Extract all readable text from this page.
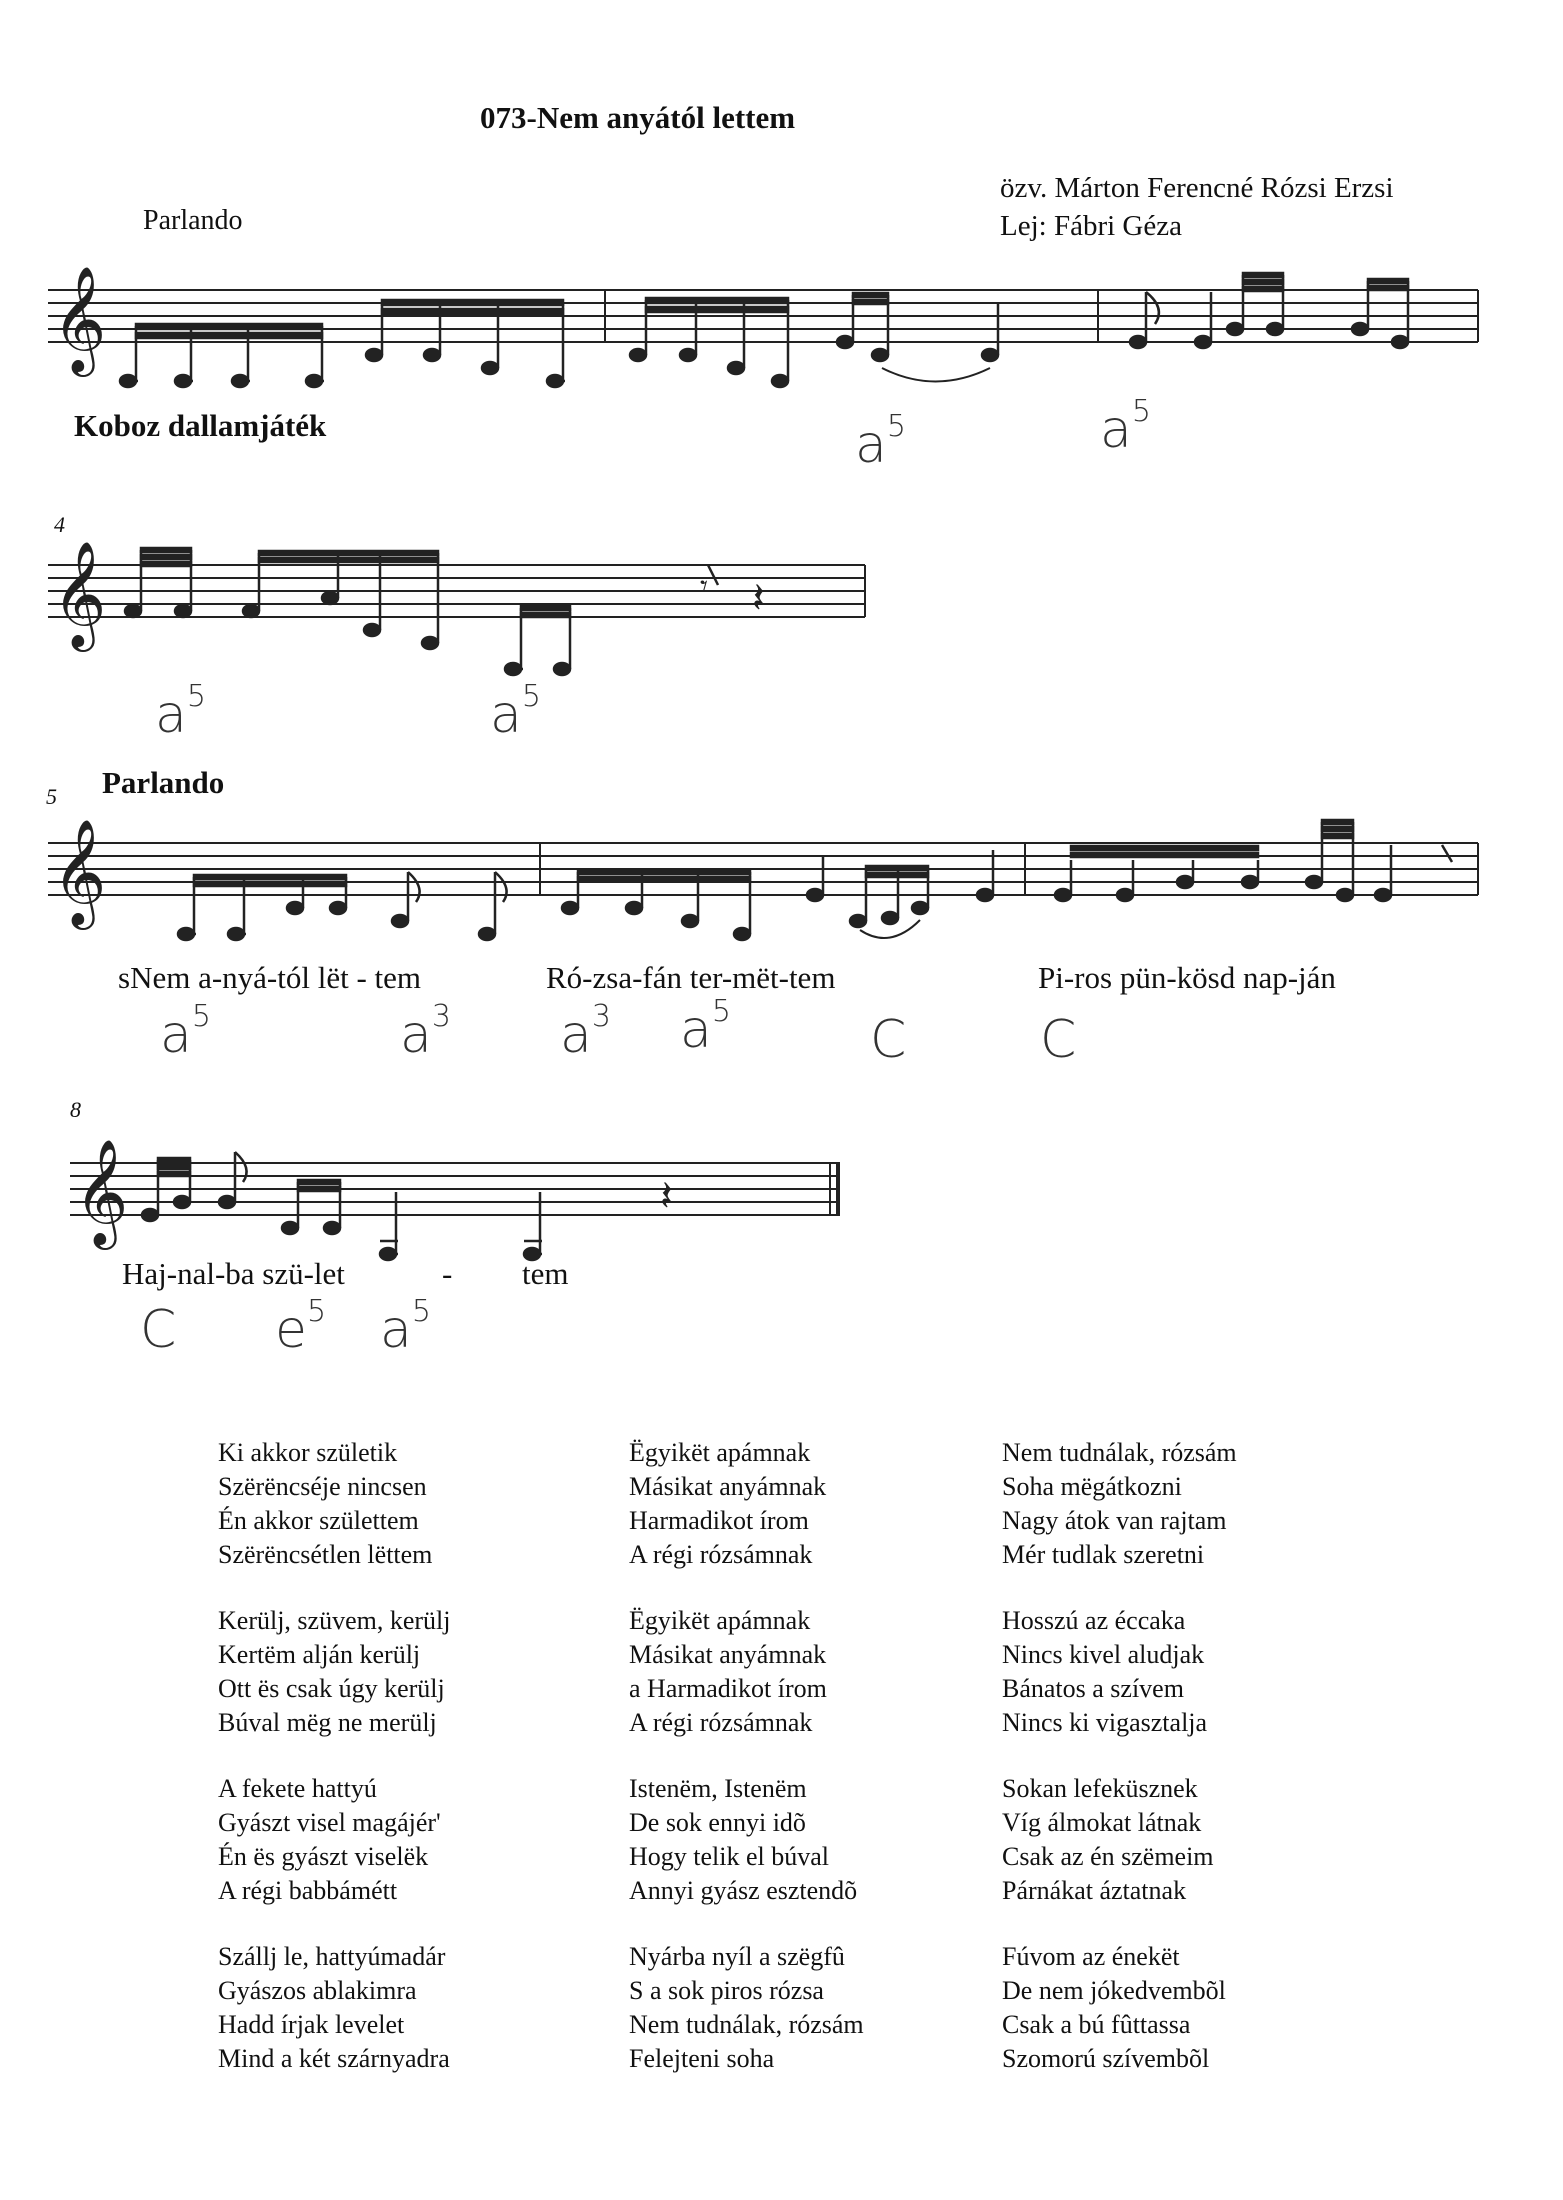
073-Nem anyától lettem
özv. Márton Ferencné Rózsi Erzsi
Lej: Fábri Géza
Parlando
Koboz dallamjáték
4
5 Parlando
8
𝄞
𝄞
𝄞
𝄞
𝄾 𝄽
𝄽
$a^5$	$a^5$
$a^5$	$a^5$
$a^5$	$a^3$ $a^3$ $a^5$	C	C
C $e^5$ $a^5$
sNem a-nyá-tól lët - tem	Ró-zsa-fán ter-mët-tem	Pi-ros pün-kösd nap-ján
Haj-nal-ba szü-let	- tem
Ki akkor születik
Szërëncséje nincsen
Én akkor születtem
Szërëncsétlen lëttem
Kerülj, szüvem, kerülj
Kertëm alján kerülj
Ott ës csak úgy kerülj
Búval mëg ne merülj
A fekete hattyú
Gyászt visel magájér'
Én ës gyászt viselëk
A régi babbámétt
Szállj le, hattyúmadár
Gyászos ablakimra
Hadd írjak levelet
Mind a két szárnyadra
Ëgyikët apámnak
Másikat anyámnak
Harmadikot írom
A régi rózsámnak
Ëgyikët apámnak
Másikat anyámnak
a Harmadikot írom
A régi rózsámnak
Istenëm, Istenëm
De sok ennyi idõ
Hogy telik el búval
Annyi gyász esztendõ
Nyárba nyíl a szëgfû
S a sok piros rózsa
Nem tudnálak, rózsám
Felejteni soha
Nem tudnálak, rózsám
Soha mëgátkozni
Nagy átok van rajtam
Mér tudlak szeretni
Hosszú az éccaka
Nincs kivel aludjak
Bánatos a szívem
Nincs ki vigasztalja
Sokan lefeküsznek
Víg álmokat látnak
Csak az én szëmeim
Párnákat áztatnak
Fúvom az énekët
De nem jókedvembõl
Csak a bú fûttassa
Szomorú szívembõl
